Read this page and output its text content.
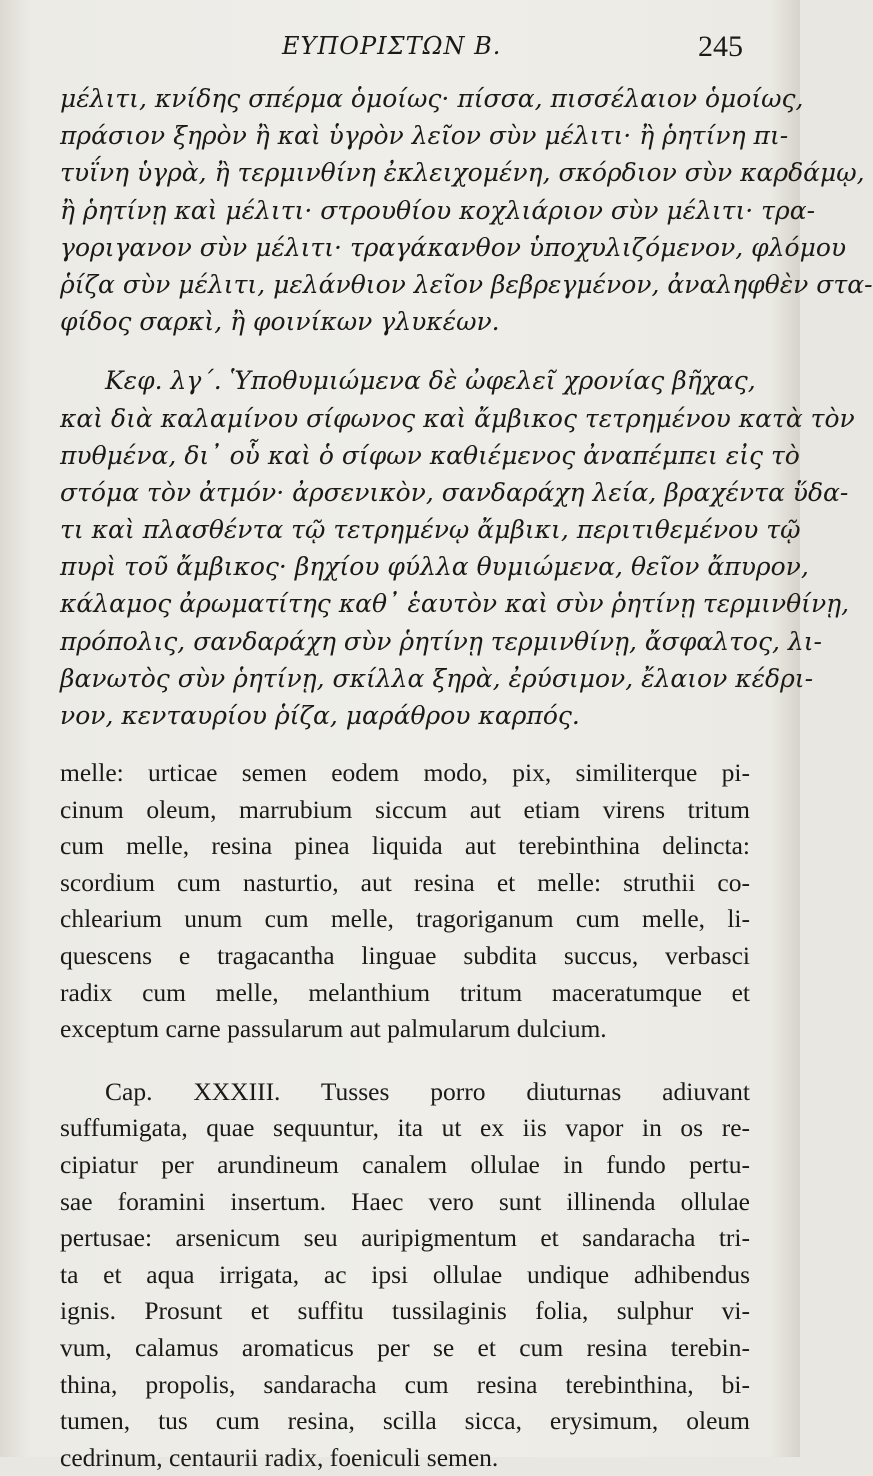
ΕΥΠΟΡΙΣΤΩΝ Β.	245
μέλιτι, κνίδης σπέρμα ὁμοίως· πίσσα, πισσέλαιον ὁμοίως,
πράσιον ξηρὸν ἢ καὶ ὑγρὸν λεῖον σὺν μέλιτι· ἢ ῥητίνη πι-
τυΐνη ὑγρὰ, ἢ τερμινθίνη ἐκλειχομένη, σκόρδιον σὺν καρδάμῳ,
ἢ ῥητίνῃ καὶ μέλιτι· στρουθίου κοχλιάριον σὺν μέλιτι· τρα-
γοριγανον σὺν μέλιτι· τραγάκανθον ὑποχυλιζόμενον, φλόμου
ῥίζα σὺν μέλιτι, μελάνθιον λεῖον βεβρεγμένον, ἀναληφθὲν στα-
φίδος σαρκὶ, ἢ φοινίκων γλυκέων.
Κεφ. λγ΄. Ὑποθυμιώμενα δὲ ὠφελεῖ χρονίας βῆχας,
καὶ διὰ καλαμίνου σίφωνος καὶ ἄμβικος τετρημένου κατὰ τὸν
πυθμένα, δι᾽ οὗ καὶ ὁ σίφων καθιέμενος ἀναπέμπει εἰς τὸ
στόμα τὸν ἀτμόν· ἀρσενικὸν, σανδαράχη λεία, βραχέντα ὕδα-
τι καὶ πλασθέντα τῷ τετρημένῳ ἄμβικι, περιτιθεμένου τῷ
πυρὶ τοῦ ἄμβικος· βηχίου φύλλα θυμιώμενα, θεῖον ἄπυρον,
κάλαμος ἀρωματίτης καθ᾽ ἑαυτὸν καὶ σὺν ῥητίνῃ τερμινθίνῃ,
πρόπολις, σανδαράχη σὺν ῥητίνῃ τερμινθίνῃ, ἄσφαλτος, λι-
βανωτὸς σὺν ῥητίνῃ, σκίλλα ξηρὰ, ἐρύσιμον, ἔλαιον κέδρι-
νον, κενταυρίου ῥίζα, μαράθρου καρπός.
melle: urticae semen eodem modo, pix, similiterque pi-
cinum oleum, marrubium siccum aut etiam virens tritum
cum melle, resina pinea liquida aut terebinthina delincta:
scordium cum nasturtio, aut resina et melle: struthii co-
chlearium unum cum melle, tragoriganum cum melle, li-
quescens e tragacantha linguae subdita succus, verbasci
radix cum melle, melanthium tritum maceratumque et
exceptum carne passularum aut palmularum dulcium.
Cap. XXXIII. Tusses porro diuturnas adiuvant
suffumigata, quae sequuntur, ita ut ex iis vapor in os re-
cipiatur per arundineum canalem ollulae in fundo pertu-
sae foramini insertum. Haec vero sunt illinenda ollulae
pertusae: arsenicum seu auripigmentum et sandaracha tri-
ta et aqua irrigata, ac ipsi ollulae undique adhibendus
ignis. Prosunt et suffitu tussilaginis folia, sulphur vi-
vum, calamus aromaticus per se et cum resina terebin-
thina, propolis, sandaracha cum resina terebinthina, bi-
tumen, tus cum resina, scilla sicca, erysimum, oleum
cedrinum, centaurii radix, foeniculi semen.
